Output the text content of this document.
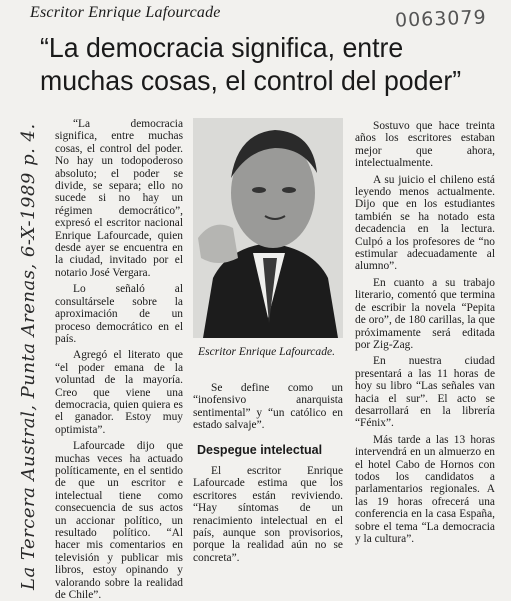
Escritor Enrique Lafourcade	0063079
“La democracia significa, entre muchas cosas, el control del poder”
La Tercera Austral, Punta Arenas, 6-X-1989 p. 4.	“La democracia significa, entre muchas cosas, el control del poder. No hay un todopoderoso absoluto; el poder se divide, se separa; ello no sucede si no hay un régimen democrático”, expresó el escritor nacional Enrique Lafourcade, quien desde ayer se encuentra en la ciudad, invitado por el notario José Vergara.

Lo señaló al consultársele sobre la aproximación de un proceso democrático en el país.

Agregó el literato que “el poder emana de la voluntad de la mayoría. Creo que viene una democracia, quien quiera es el ganador. Estoy muy optimista”.

Lafourcade dijo que muchas veces ha actuado políticamente, en el sentido de que un escritor e intelectual tiene como consecuencia de sus actos un accionar político, un resultado político. “Al hacer mis comentarios en televisión y publicar mis libros, estoy opinando y valorando sobre la realidad de Chile”.

Escritor Enrique Lafourcade.

Se define como un “inofensivo anarquista sentimental” y “un católico en estado salvaje”.

Despegue intelectual

El escritor Enrique Lafourcade estima que los escritores están reviviendo. “Hay síntomas de un renacimiento intelectual en el país, aunque son provisorios, porque la realidad aún no se concreta”.

Sostuvo que hace treinta años los escritores estaban mejor que ahora, intelectualmente.

A su juicio el chileno está leyendo menos actualmente. Dijo que en los estudiantes también se ha notado esta decadencia en la lectura. Culpó a los profesores de “no estimular adecuadamente al alumno”.

En cuanto a su trabajo literario, comentó que termina de escribir la novela “Pepita de oro”, de 180 carillas, la que próximamente será editada por Zig-Zag.

En nuestra ciudad presentará a las 11 horas de hoy su libro “Las señales van hacia el sur”. El acto se desarrollará en la librería “Fénix”.

Más tarde a las 13 horas intervendrá en un almuerzo en el hotel Cabo de Hornos con todos los candidatos a parlamentarios regionales. A las 19 horas ofrecerá una conferencia en la casa España, sobre el tema “La democracia y la cultura”.
